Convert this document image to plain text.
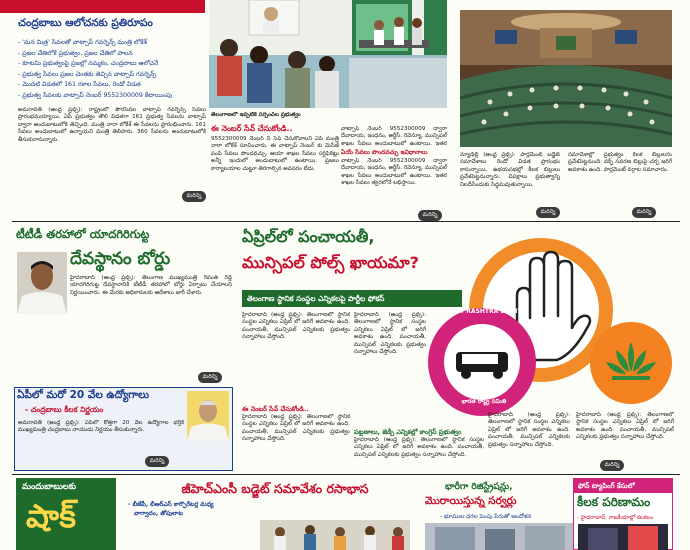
చంద్రబాబు ఆలోచనకు ప్రతిరూపం
- 'మన మిత్ర' సేవలతో వాట్సాప్ గవర్నెన్స్ మంత్రి లోకేశ్
- ప్రజల చేతిలోకే ప్రభుత్వం, ప్రజల చేతిలో పాలన
- కూటమి ప్రభుత్వంపై ప్రజల్లో నమ్మకం, చంద్రబాబు ఆలోచనే
- ప్రభుత్వ సేవలు ప్రజల చెంతకు తెచ్చిన వాట్సాప్ గవర్నెన్స్
- మొదటి విడతలో 161 రకాల సేవలు, రెండో విడత
- ప్రభుత్వ సేవలకు వాట్సాప్ నెంబర్ 9552300009 కేటాయింపు
అమరావతి (ఆంధ్ర ప్రభ్స్): రాష్ట్రంలో పౌరసేవల వాట్సాప్ గవర్నెన్స్ సేవలు ప్రారంభమయ్యాయి. ఏపీ ప్రభుత్వం తొలి విడతగా 161 ప్రభుత్వ సేవలను వాట్సాప్ ద్వారా అందుబాటులోకి తెచ్చింది. మంత్రి నారా లోకేశ్ ఈ సేవలను ప్రారంభించారు. 161 సేవలు అందుబాటులో ఉన్నాయని మంత్రి తెలిపారు. 360 సేవలను అందుబాటులోకి తీసుకురానున్నారు.
మరిన్ని
తెలంగాణలో ఇప్పటికే సర్పంచ్‌ల ప్రభుత్వం
ఈ నెంబర్ సేవ్ చేసుకోండి..
9552300009 నెంబర్ ని సేవ్ చేసుకోవాలని ఏపీ మంత్రి నారా లోకేశ్ సూచించారు. ఈ వాట్సాప్ నెంబర్ కు మెసేజ్ పంపి సేవలు పొందవచ్చు. ఆయా శాఖల సేవలు సర్టిఫికెట్లు అన్నీ ఇందులో అందుబాటులో ఉంటాయి. ప్రజలు కార్యాలయాల చుట్టూ తిరగాల్సిన అవసరం లేదు.
వాట్సాప్ నెంబర్ 9552300009 ద్వారా దేవాదాయ, ఇంధనం, ఆర్టీసీ, రెవెన్యూ, మున్సిపల్ శాఖల సేవలు అందుబాటులో ఉంటాయి. ఇతర
ఏయే సేవలు పొందవచ్చు ఇవిధానాలు
వాట్సాప్ నెంబర్ 9552300009 ద్వారా దేవాదాయ, ఇంధనం, ఆర్టీసీ, రెవెన్యూ, మున్సిపల్ శాఖల సేవలు అందుబాటులో ఉంటాయి. ఇతర శాఖల సేవలు త్వరలోనే లభిస్తాయి.
మరిన్ని
న్యూఢిల్లీ (ఆంధ్ర ప్రభ్స్): పార్లమెంట్ బడ్జెట్ సమావేశాలు రెండో విడత ప్రారంభం కానున్నాయి. ఉభయసభల్లో కీలక బిల్లులు ప్రవేశపెట్టనున్నారు. విపక్షాలు ప్రభుత్వాన్ని నిలదీసేందుకు సిద్ధమవుతున్నాయి.
సమావేశాల్లో ప్రభుత్వం కీలక బిల్లులను ప్రవేశపెట్టనుంది. వక్ఫ్ సవరణ బిల్లుపై చర్చ జరిగే అవకాశం ఉంది. పార్లమెంట్ వర్గాల సమాచారం.
మరిన్ని	మరిన్ని
టీటీడీ తరహాలో యాదగిరిగుట్ట
దేవస్థానం బోర్డు
హైదరాబాద్ (ఆంధ్ర ప్రభ్స్): తెలంగాణ ముఖ్యమంత్రి రేవంత్ రెడ్డి యాదగిరిగుట్ట దేవస్థానానికి టీటీడీ తరహాలో బోర్డు ఏర్పాటు చేయాలని నిర్ణయించారు. ఈ మేరకు అధికారులకు ఆదేశాలు జారీ చేశారు.
మరిన్ని
ఏపీలో మరో 20 వేల ఉద్యోగాలు
- చంద్రబాబు కీలక నిర్ణయం
అమరావతి (ఆంధ్ర ప్రభ్స్): ఏపీలో కొత్తగా 20 వేల ఉద్యోగాల భర్తీకి ముఖ్యమంత్రి చంద్రబాబు నాయుడు నిర్ణయం తీసుకున్నారు.
మరిన్ని
ఏప్రిల్‌లో పంచాయతీ,
మున్సిపల్ పోల్స్ ఖాయమా?
తెలంగాణ స్థానిక సంస్థల ఎన్నికలపై పార్టీల ఫోకస్
హైదరాబాద్ (ఆంధ్ర ప్రభ్స్): తెలంగాణలో స్థానిక సంస్థల ఎన్నికలు ఏప్రిల్ లో జరిగే అవకాశం ఉంది. పంచాయతీ, మున్సిపల్ ఎన్నికలకు ప్రభుత్వం సన్నాహాలు చేస్తోంది.
హైదరాబాద్ (ఆంధ్ర ప్రభ్స్): తెలంగాణలో స్థానిక సంస్థల ఎన్నికలు ఏప్రిల్ లో జరిగే అవకాశం ఉంది. పంచాయతీ, మున్సిపల్ ఎన్నికలకు ప్రభుత్వం సన్నాహాలు చేస్తోంది.
ఈ నెంబర్ సేవ్ చేసుకోండి..
హైదరాబాద్ (ఆంధ్ర ప్రభ్స్): తెలంగాణలో స్థానిక సంస్థల ఎన్నికలు ఏప్రిల్ లో జరిగే అవకాశం ఉంది. పంచాయతీ, మున్సిపల్ ఎన్నికలకు ప్రభుత్వం సన్నాహాలు చేస్తోంది.
పట్టణాలు, జెడ్పీ ఎన్నికల్లో కాంగ్రెస్ ప్రభుత్వం
హైదరాబాద్ (ఆంధ్ర ప్రభ్స్): తెలంగాణలో స్థానిక సంస్థల ఎన్నికలు ఏప్రిల్ లో జరిగే అవకాశం ఉంది. పంచాయతీ, మున్సిపల్ ఎన్నికలకు ప్రభుత్వం సన్నాహాలు చేస్తోంది.
BHARAT RASHTRA SAMITHI
భారత రాష్ట్ర సమితి
హైదరాబాద్ (ఆంధ్ర ప్రభ్స్): తెలంగాణలో స్థానిక సంస్థల ఎన్నికలు ఏప్రిల్ లో జరిగే అవకాశం ఉంది. పంచాయతీ, మున్సిపల్ ఎన్నికలకు ప్రభుత్వం సన్నాహాలు చేస్తోంది.
హైదరాబాద్ (ఆంధ్ర ప్రభ్స్): తెలంగాణలో స్థానిక సంస్థల ఎన్నికలు ఏప్రిల్ లో జరిగే అవకాశం ఉంది. పంచాయతీ, మున్సిపల్ ఎన్నికలకు ప్రభుత్వం సన్నాహాలు చేస్తోంది.
మరిన్ని
మందుబాబులకు
షాక్
జీహెచ్ఎంసీ బడ్జెట్ సమావేశం రసాభాస
- బీజేపీ, బీఆర్ఎస్ కార్పొరేటర్ల మధ్య
వాగ్వాదం, తోపులాట
భారీగా రిజిస్ట్రేషన్లు,
మొరాయిస్తున్న సర్వర్లు
- భూముల ధరల పెంపు పేరుతో ఆందోళన
ఫోన్ ట్యాపింగ్ కేసులో
కీలక పరిణామం
- హైదరాబాద్, రాజకీయాల్లో కలకలం
